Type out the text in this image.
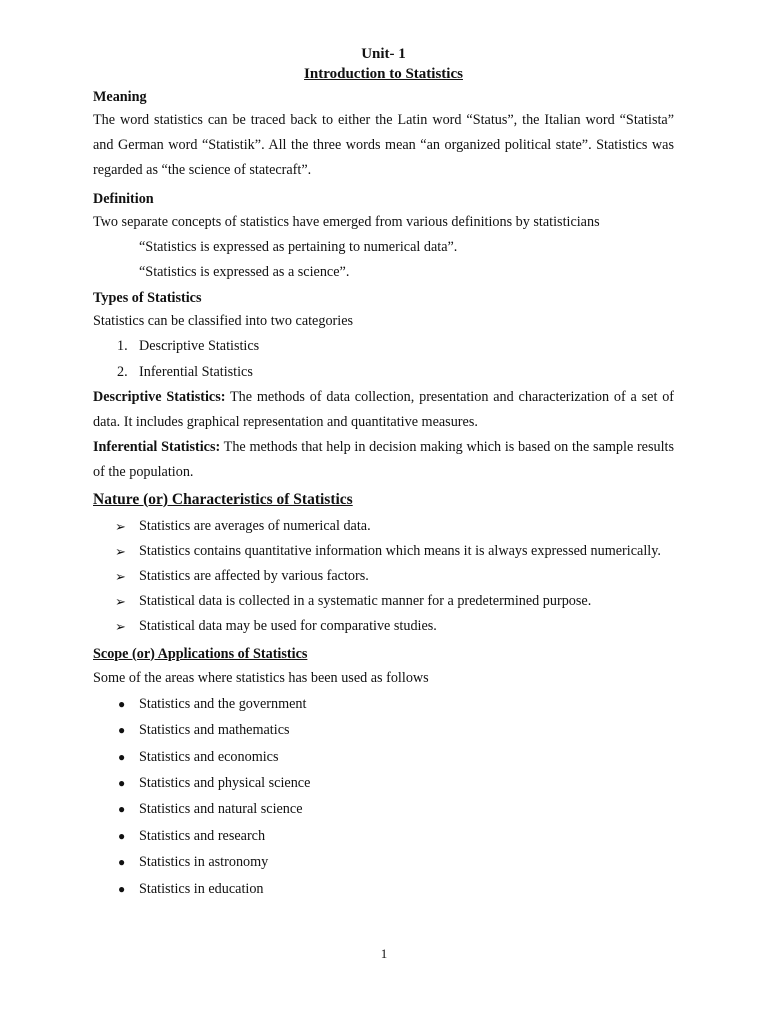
Unit- 1
Introduction to Statistics
Meaning

The word statistics can be traced back to either the Latin word “Status”, the Italian word “Statista” and German word “Statistik”. All the three words mean “an organized political state”. Statistics was regarded as “the science of statecraft”.

Definition
Two separate concepts of statistics have emerged from various definitions by statisticians
“Statistics is expressed as pertaining to numerical data”.
“Statistics is expressed as a science”.
Types of Statistics
Statistics can be classified into two categories
1. Descriptive Statistics
2. Inferential Statistics

Descriptive Statistics: The methods of data collection, presentation and characterization of a set of data. It includes graphical representation and quantitative measures.

Inferential Statistics: The methods that help in decision making which is based on the sample results of the population.

Nature (or) Characteristics of Statistics
➢ Statistics are averages of numerical data.
➢ Statistics contains quantitative information which means it is always expressed numerically.
➢ Statistics are affected by various factors.
➢ Statistical data is collected in a systematic manner for a predetermined purpose.
➢ Statistical data may be used for comparative studies.
Scope (or) Applications of Statistics
Some of the areas where statistics has been used as follows
● Statistics and the government
● Statistics and mathematics
● Statistics and economics
● Statistics and physical science
● Statistics and natural science
● Statistics and research
● Statistics in astronomy
● Statistics in education
1
